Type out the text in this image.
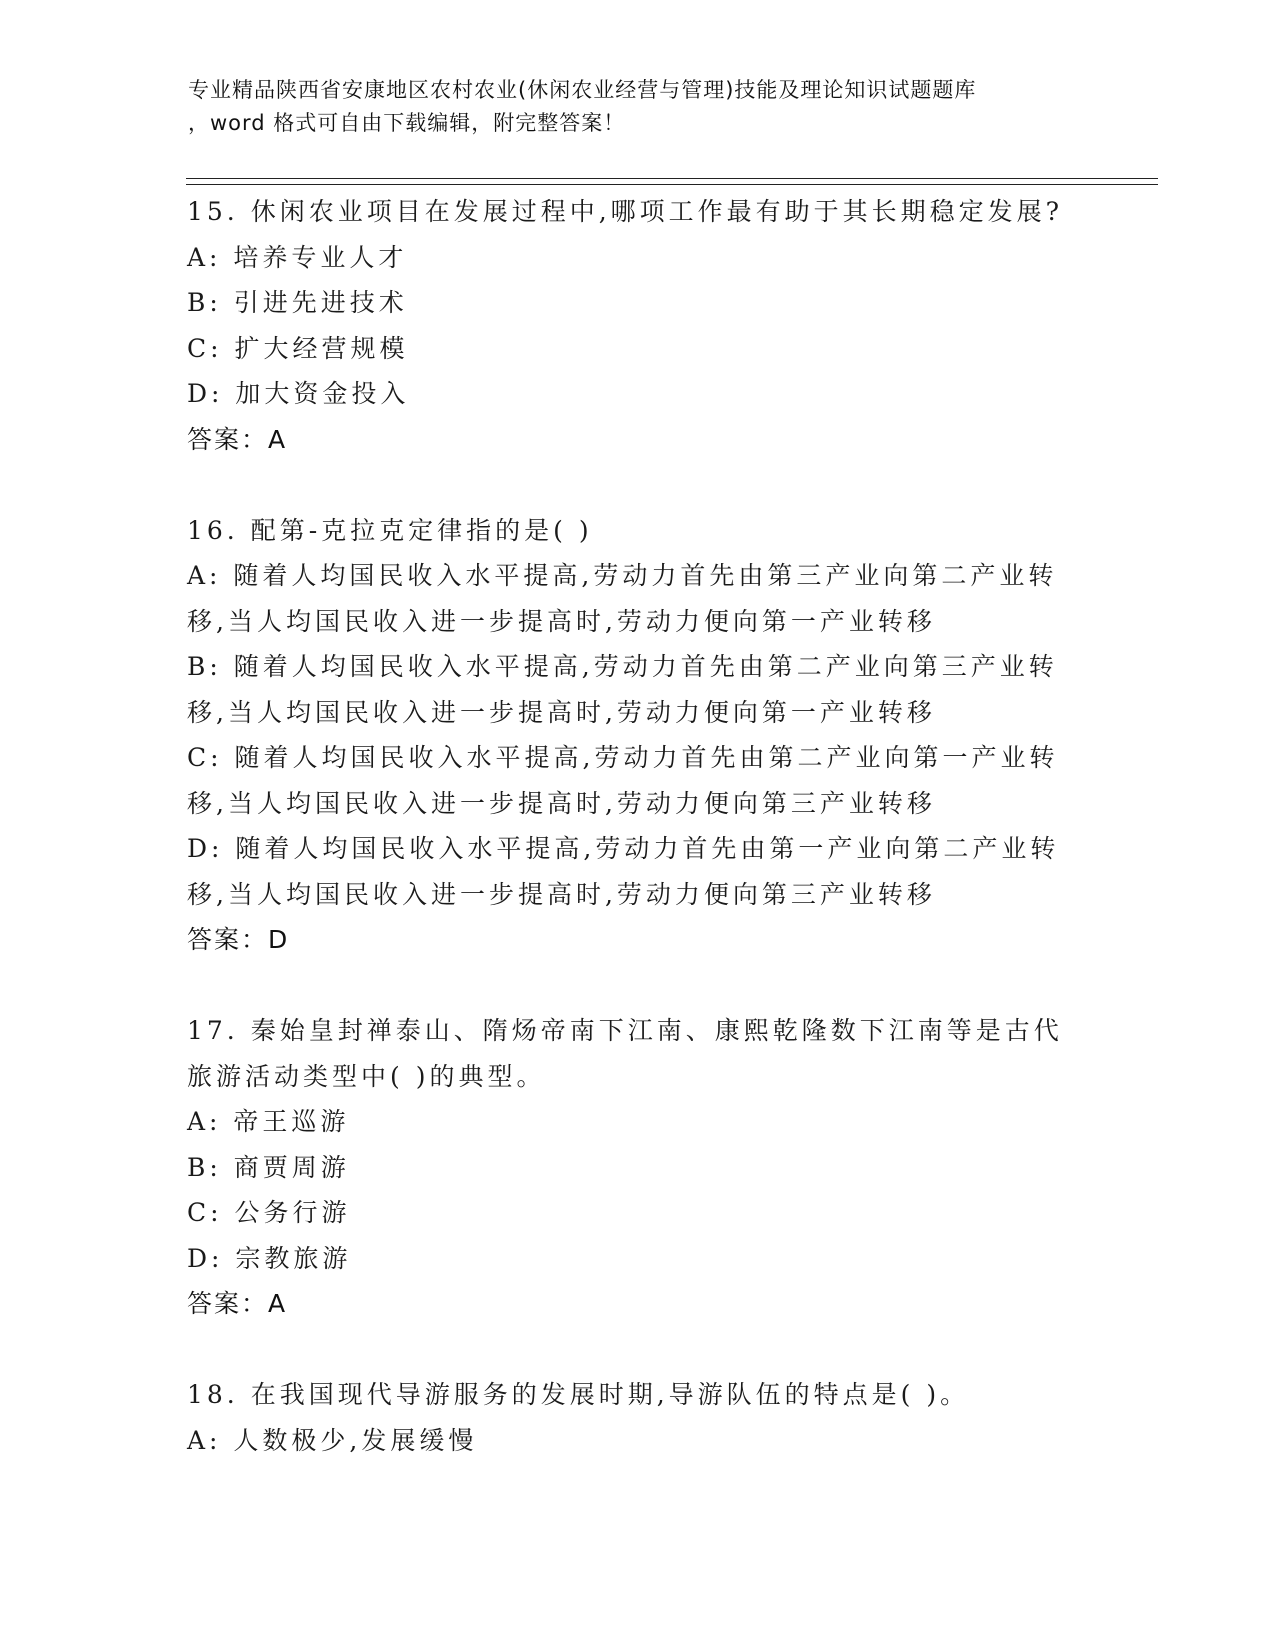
专业精品陕西省安康地区农村农业(休闲农业经营与管理)技能及理论知识试题题库
，word 格式可自由下载编辑，附完整答案！
15. 休闲农业项目在发展过程中,哪项工作最有助于其长期稳定发展?
A: 培养专业人才
B: 引进先进技术
C: 扩大经营规模
D: 加大资金投入
答案：A
16. 配第-克拉克定律指的是( )
A: 随着人均国民收入水平提高,劳动力首先由第三产业向第二产业转
移,当人均国民收入进一步提高时,劳动力便向第一产业转移
B: 随着人均国民收入水平提高,劳动力首先由第二产业向第三产业转
移,当人均国民收入进一步提高时,劳动力便向第一产业转移
C: 随着人均国民收入水平提高,劳动力首先由第二产业向第一产业转
移,当人均国民收入进一步提高时,劳动力便向第三产业转移
D: 随着人均国民收入水平提高,劳动力首先由第一产业向第二产业转
移,当人均国民收入进一步提高时,劳动力便向第三产业转移
答案：D
17. 秦始皇封禅泰山、隋炀帝南下江南、康熙乾隆数下江南等是古代
旅游活动类型中( )的典型。
A: 帝王巡游
B: 商贾周游
C: 公务行游
D: 宗教旅游
答案：A
18. 在我国现代导游服务的发展时期,导游队伍的特点是( )。
A: 人数极少,发展缓慢
